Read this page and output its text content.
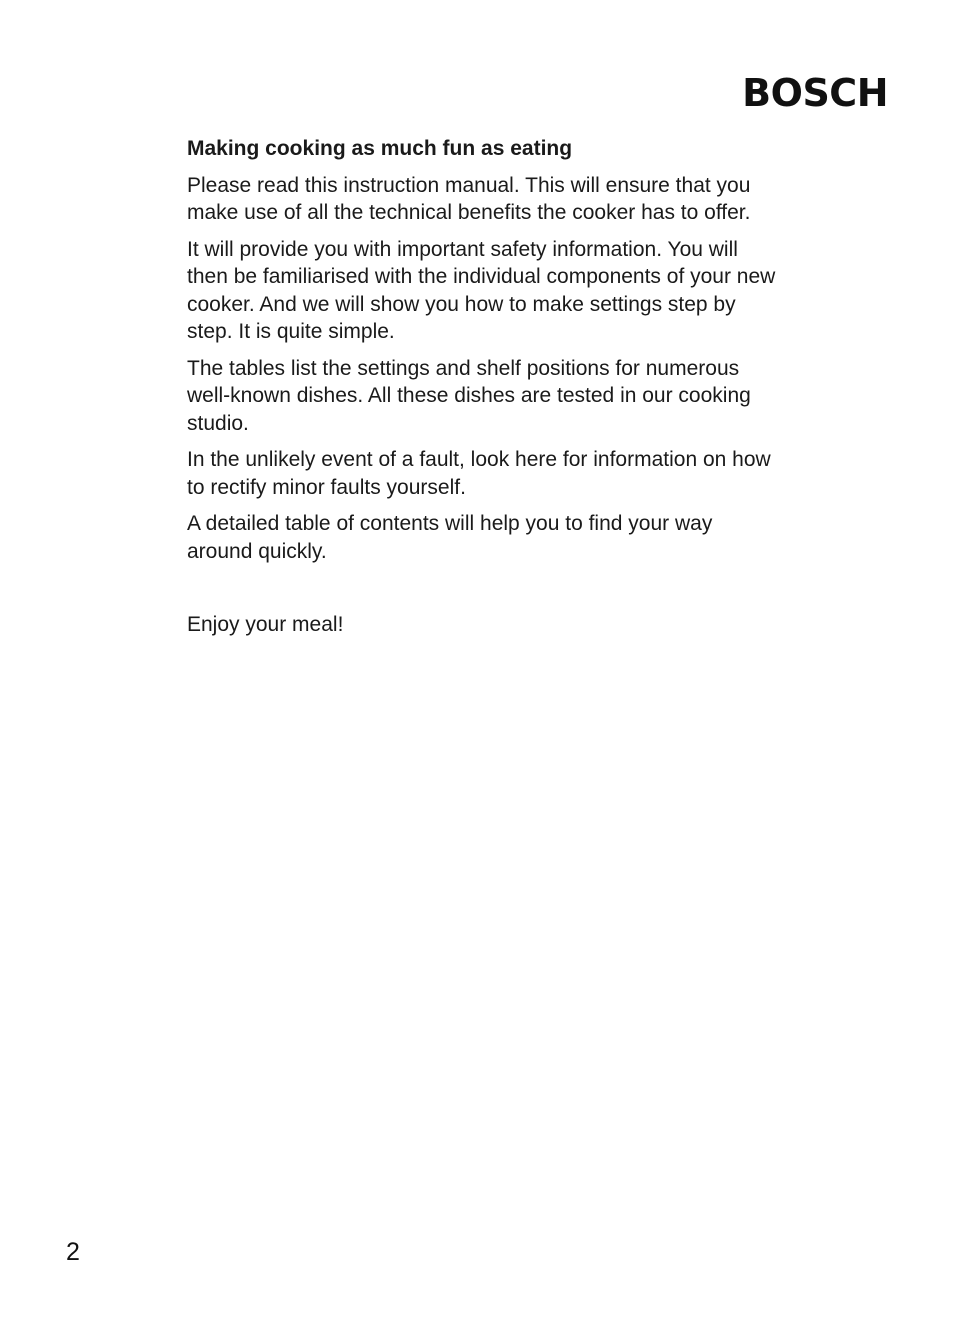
BOSCH

Making cooking as much fun as eating

Please read this instruction manual. This will ensure that you make use of all the technical benefits the cooker has to offer.

It will provide you with important safety information. You will then be familiarised with the individual components of your new cooker. And we will show you how to make settings step by step. It is quite simple.

The tables list the settings and shelf positions for numerous well-known dishes. All these dishes are tested in our cooking studio.

In the unlikely event of a fault, look here for information on how to rectify minor faults yourself.

A detailed table of contents will help you to find your way around quickly.

Enjoy your meal!

2
